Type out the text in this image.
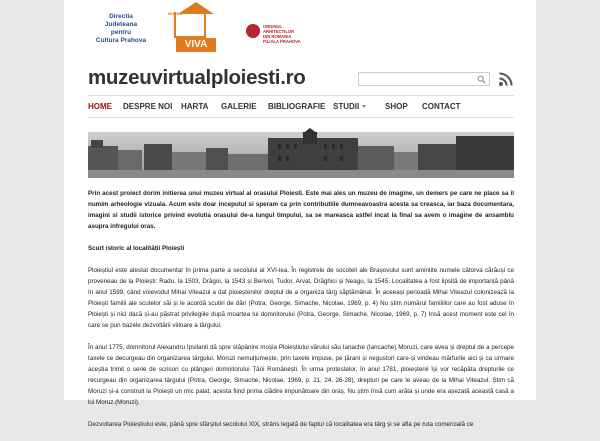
Directia
Judeteana
pentru
Cultura Prahova
MUZEU
VIVA
ORDINUL ARHITECTILOR
DIN ROMANIA
FILIALA PRAHOVA
muzeuvirtualploiesti.ro
HOME DESPRE NOI HARTA GALERIE BIBLIOGRAFIE STUDII	SHOP CONTACT

Prin acest proiect dorim initierea unui muzeu virtual al orasului Ploiesti. Este mai ales un muzeu de imagine, un demers pe care ne place sa il numim arheologie vizuala. Acum este doar inceputul si speram ca prin contributiile dumneavoastra acesta sa creasca, iar baza documentara, imagini si studii istorice privind evolutia orasului de-a lungul timpului, sa se mareasca astfel incat la final sa avem o imagine de ansamblu asupra infregului oras.

Scurt istoric al localității Ploiești

Ploieștiul este atestat documentar în prima parte a secolului al XVI-lea. În registrele de socoteli ale Brașovului sunt amintite numele câtorva cărăuși ce proveneau de la Ploiești: Radu, la 1503, Drăgoi, la 1543 și Berivoi, Tudor, Arvat, Drăghici și Neagu, la 1545. Localitatea a fost lipsită de importanță până în anul 1599, când voievodul Mihai Viteazul a dat ploieștenilor dreptul de a organiza târg săptămânal. În aceeași perioadă Mihai Viteazul colonizează la Ploiești familii ale scutelor săi și le acordă scutiri de dări (Potra, George, Simache, Nicolae, 1969, p. 4) Nu știm numărul familiilor care au fost aduse în Ploiești și nici dacă și-au păstrat privilegiile după moartea lui domnitorului (Potra, George, Simache, Nicolae, 1969, p. 7) Insă acest moment este cel în care se pun bazele dezvoltării viitoare a târgului.

În anul 1775, domnitorul Alexandru Ipsilanti dă spre stăpânire moșia Ploieștiului vărului său Ianache (Iancache) Moruzi, care avea și dreptul de a percepe taxele ce decurgeau din organizarea târgului. Moruzi nemulțumește, prin taxele impuse, pe țărani și negustori care-și vindeau mărfurile aici și ca urmare aceștia trimit o serie de scrisori cu plângeri domnitorului Țării Românești. În urma protestelor, în anul 1781, ploieștenii își vor recăpăta drepturile ce recurgeau din organizarea târgului (Potra, George, Simache, Nicolae, 1969, p. 21, 24, 26-28), drepturi pe care le aveau de la Mihai Viteazul. Știm că Moruzi și-a construit la Ploiești un mic palat, acesta fiind prima clădire impunătoare din oraș. Nu știm însă cum arăta și unde era așezată această casă a lui Moruz.(Moruzi).

Dezvoltarea Ploieștiului este, până spre sfârșitul secolului XIX, strâns legată de faptul că localitatea era târg și se afla pe ruta comercială ce
